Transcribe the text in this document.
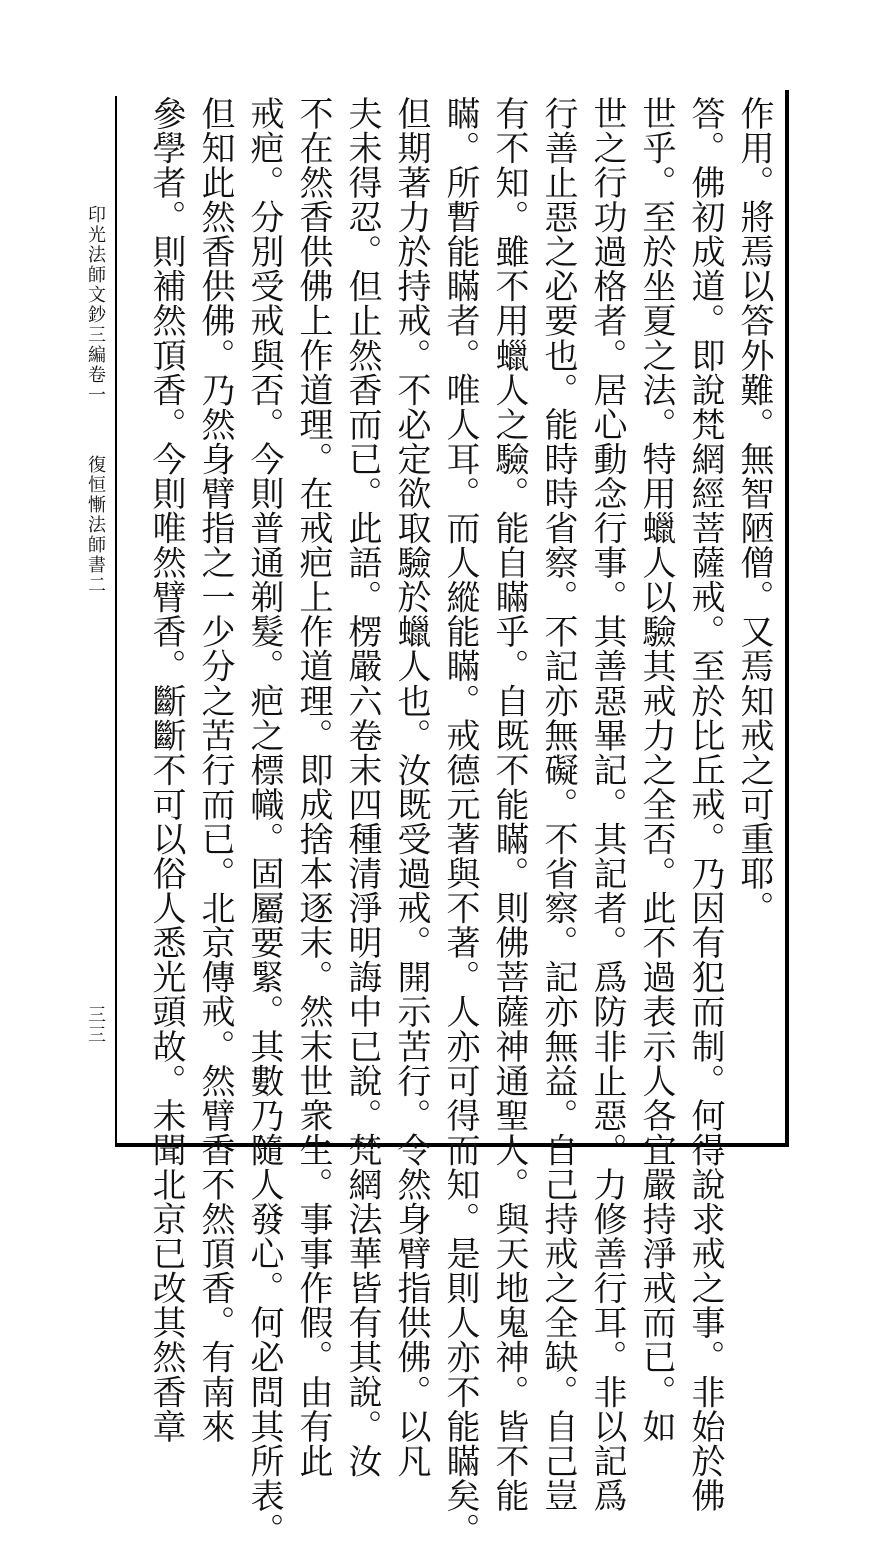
作用。將焉以答外難。無智陋僧。又焉知戒之可重耶。
答。佛初成道。即說梵網經菩薩戒。至於比丘戒。乃因有犯而制。何得說求戒之事。非始於佛
世乎。至於坐夏之法。特用蠟人以驗其戒力之全否。此不過表示人各宜嚴持淨戒而已。如
世之行功過格者。居心動念行事。其善惡畢記。其記者。爲防非止惡。力修善行耳。非以記爲
行善止惡之必要也。能時時省察。不記亦無礙。不省察。記亦無益。自己持戒之全缺。自己豈
有不知。雖不用蠟人之驗。能自瞞乎。自既不能瞞。則佛菩薩神通聖人。與天地鬼神。皆不能
瞞。所暫能瞞者。唯人耳。而人縱能瞞。戒德元著與不著。人亦可得而知。是則人亦不能瞞矣。
但期著力於持戒。不必定欲取驗於蠟人也。汝既受過戒。開示苦行。令然身臂指供佛。以凡
夫未得忍。但止然香而已。此語。楞嚴六卷末四種清淨明誨中已說。梵網法華皆有其說。汝
不在然香供佛上作道理。在戒疤上作道理。即成捨本逐末。然末世衆生。事事作假。由有此
戒疤。分別受戒與否。今則普通剃髮。疤之標幟。固屬要緊。其數乃隨人發心。何必問其所表。
但知此然香供佛。乃然身臂指之一少分之苦行而已。北京傳戒。然臂香不然頂香。有南來
參學者。則補然頂香。今則唯然臂香。斷斷不可以俗人悉光頭故。未聞北京已改其然香章
印光法師文鈔三編卷一
復恒慚法師書二
三三
